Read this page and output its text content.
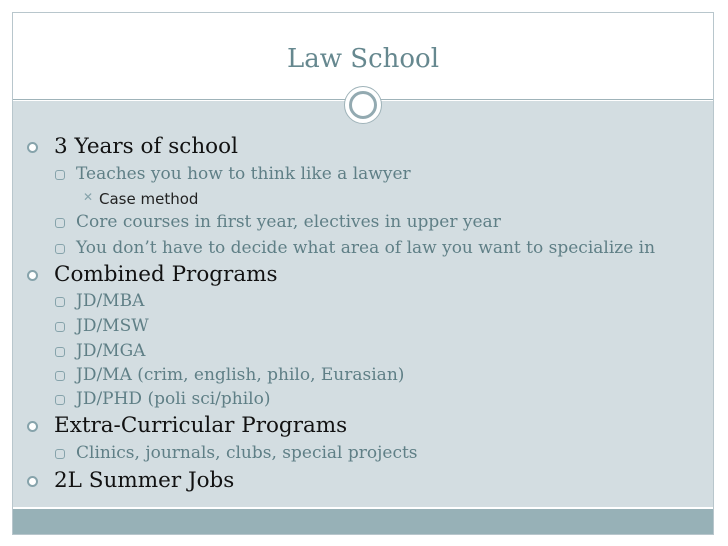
Law School
3 Years of school
Teaches you how to think like a lawyer
✕ Case method
Core courses in first year, electives in upper year
You don’t have to decide what area of law you want to specialize in
Combined Programs
JD/MBA
JD/MSW
JD/MGA
JD/MA (crim, english, philo, Eurasian)
JD/PHD (poli sci/philo)
Extra-Curricular Programs
Clinics, journals, clubs, special projects
2L Summer Jobs
